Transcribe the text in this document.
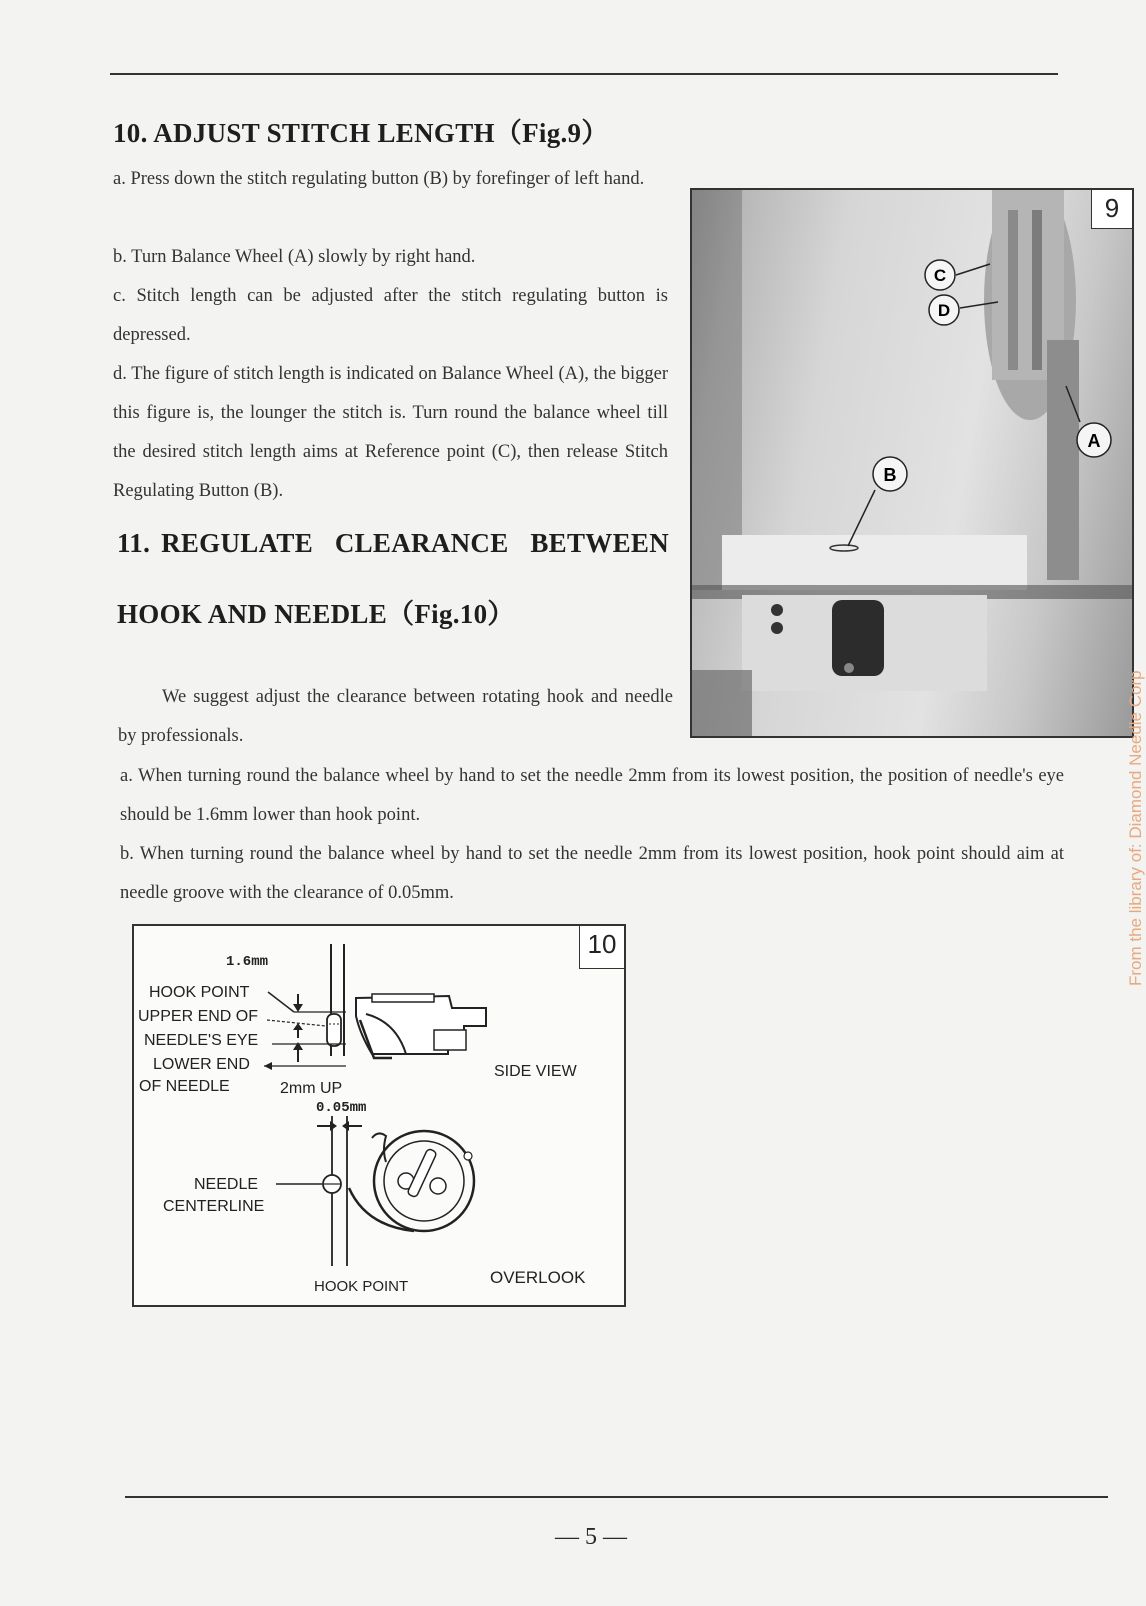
10. ADJUST STITCH LENGTH（Fig.9）

a. Press down the stitch regulating button (B) by forefinger of left hand.

b. Turn Balance Wheel (A) slowly by right hand.

c. Stitch length can be adjusted after the stitch regulating button is depressed.

d. The figure of stitch length is indicated on Balance Wheel (A), the bigger this figure is, the lounger the stitch is. Turn round the balance wheel till the desired stitch length aims at Reference point (C), then release Stitch Regulating Button (B).

11. REGULATE  CLEARANCE  BETWEEN
HOOK AND NEEDLE（Fig.10）

We suggest adjust the clearance between rotating hook and needle by professionals.

a. When turning round the balance wheel by hand to set the needle 2mm from its lowest position, the position of needle's eye should be 1.6mm lower than hook point.

b. When turning round the balance wheel by hand to set the needle 2mm from its lowest position, hook point should aim at needle groove with the clearance of 0.05mm.

C
D
A
B
9
10
1.6mm
HOOK POINT
UPPER END OF
NEEDLE'S EYE
LOWER END
OF NEEDLE	2mm UP
SIDE VIEW
0.05mm
NEEDLE
CENTERLINE
HOOK POINT	OVERLOOK
From the library of: Diamond Needle Corp
— 5 —
